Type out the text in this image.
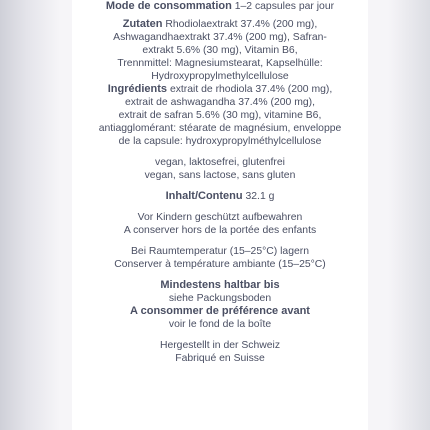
Mode de consommation 1–2 capsules par jour
Zutaten Rhodiolaextrakt 37.4% (200 mg),
Ashwagandhaextrakt 37.4% (200 mg), Safran-
extrakt 5.6% (30 mg), Vitamin B6,
Trennmittel: Magnesiumstearat, Kapselhülle:
Hydroxypropylmethylcellulose
Ingrédients extrait de rhodiola 37.4% (200 mg),
extrait de ashwagandha 37.4% (200 mg),
extrait de safran 5.6% (30 mg), vitamine B6,
antiagglomérant: stéarate de magnésium, enveloppe
de la capsule: hydroxypropylméthylcellulose
vegan, laktosefrei, glutenfrei
vegan, sans lactose, sans gluten
Inhalt/Contenu 32.1 g
Vor Kindern geschützt aufbewahren
A conserver hors de la portée des enfants
Bei Raumtemperatur (15–25°C) lagern
Conserver à température ambiante (15–25°C)
Mindestens haltbar bis
siehe Packungsboden
A consommer de préférence avant
voir le fond de la boîte
Hergestellt in der Schweiz
Fabriqué en Suisse
